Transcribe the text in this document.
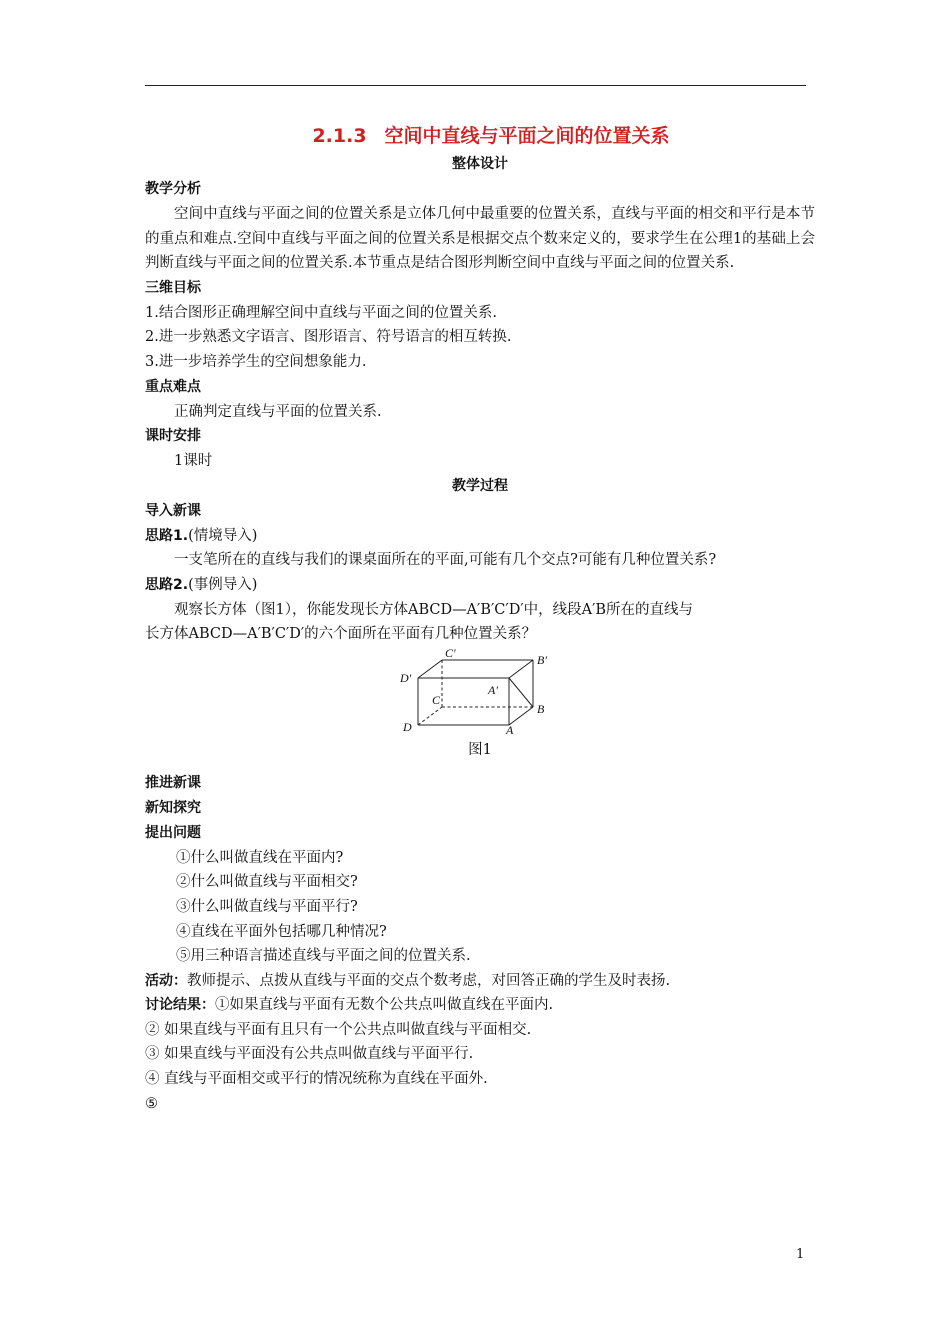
2.1.3 空间中直线与平面之间的位置关系
整体设计
教学分析
空间中直线与平面之间的位置关系是立体几何中最重要的位置关系，直线与平面的相交和平行是本节的重点和难点.空间中直线与平面之间的位置关系是根据交点个数来定义的，要求学生在公理1的基础上会判断直线与平面之间的位置关系.本节重点是结合图形判断空间中直线与平面之间的位置关系.
三维目标
1.结合图形正确理解空间中直线与平面之间的位置关系.
2.进一步熟悉文字语言、图形语言、符号语言的相互转换.
3.进一步培养学生的空间想象能力.
重点难点
正确判定直线与平面的位置关系.
课时安排
1课时
教学过程
导入新课
思路1.(情境导入)
一支笔所在的直线与我们的课桌面所在的平面,可能有几个交点?可能有几种位置关系?
思路2.(事例导入)
观察长方体（图1），你能发现长方体ABCD—A′B′C′D′中，线段A′B所在的直线与
长方体ABCD—A′B′C′D′的六个面所在平面有几种位置关系？
C′	B′
D′
A′
C
B
D	A
图1
推进新课
新知探究
提出问题
①什么叫做直线在平面内?
②什么叫做直线与平面相交?
③什么叫做直线与平面平行?
④直线在平面外包括哪几种情况?
⑤用三种语言描述直线与平面之间的位置关系.
活动：教师提示、点拨从直线与平面的交点个数考虑，对回答正确的学生及时表扬.
讨论结果：①如果直线与平面有无数个公共点叫做直线在平面内.
② 如果直线与平面有且只有一个公共点叫做直线与平面相交.
③ 如果直线与平面没有公共点叫做直线与平面平行.
④ 直线与平面相交或平行的情况统称为直线在平面外.
⑤
1
